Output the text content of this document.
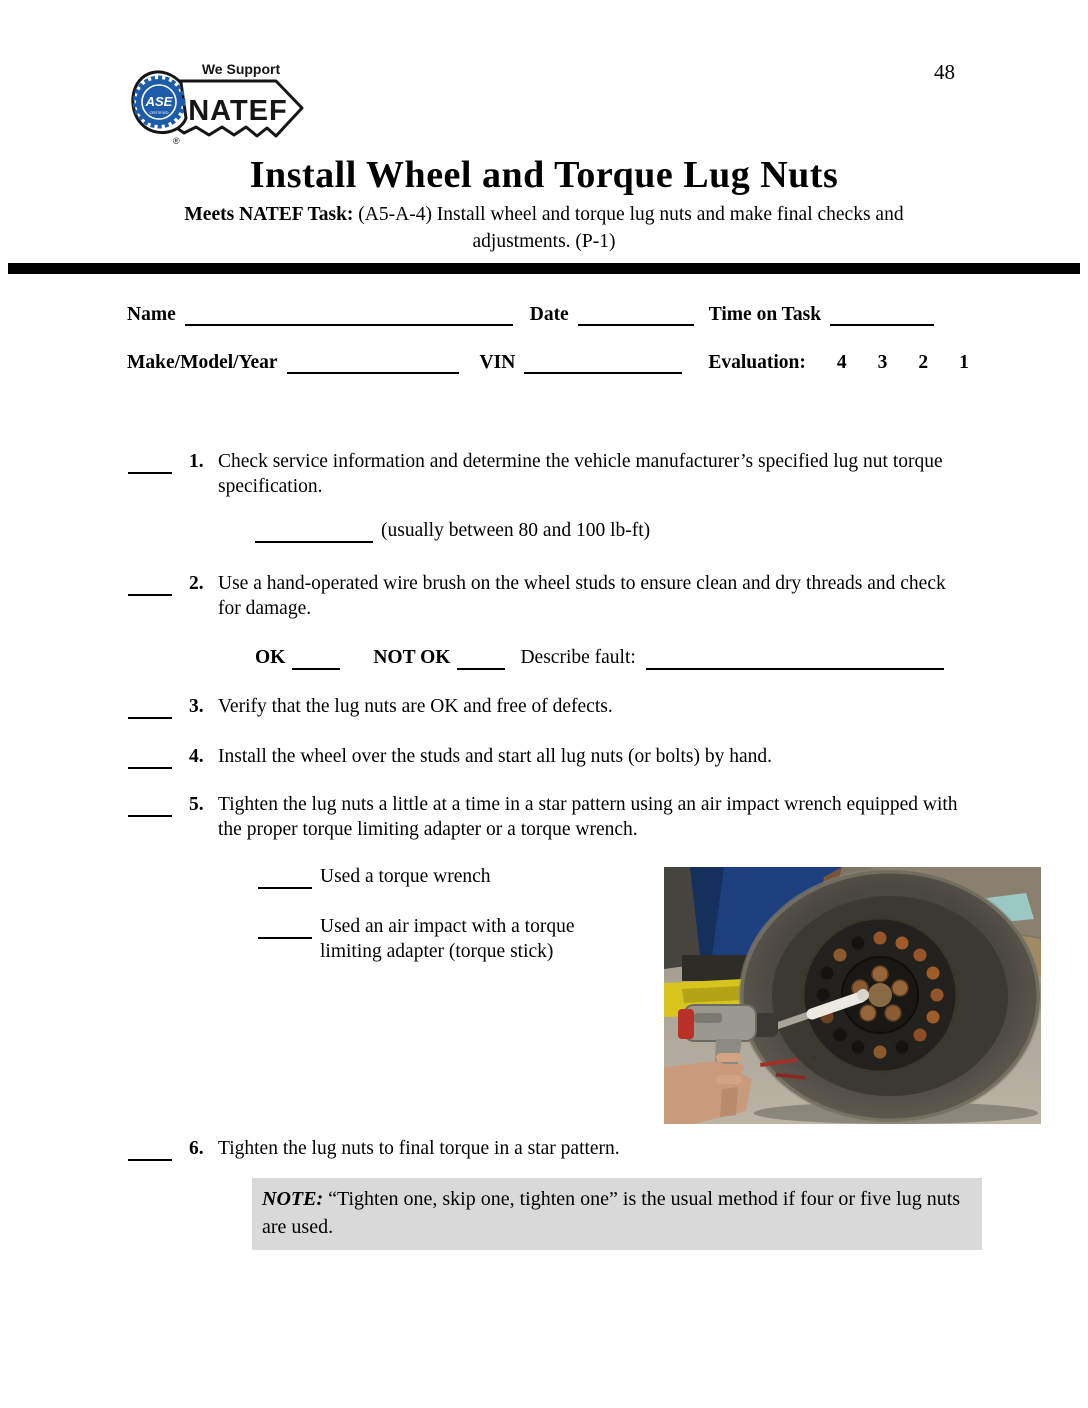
48
ASE
CERTIFIED
®
We Support
NATEF
Install Wheel and Torque Lug Nuts
Meets NATEF Task: (A5-A-4) Install wheel and torque lug nuts and make final checks and adjustments. (P-1)
Name	Date	Time on Task
Make/Model/Year	VIN	Evaluation: 4 3 2 1
1. Check service information and determine the vehicle manufacturer’s specified lug nut torque specification.
(usually between 80 and 100 lb-ft)
2. Use a hand-operated wire brush on the wheel studs to ensure clean and dry threads and check for damage.
OK	NOT OK	Describe fault:
3. Verify that the lug nuts are OK and free of defects.
4. Install the wheel over the studs and start all lug nuts (or bolts) by hand.
5. Tighten the lug nuts a little at a time in a star pattern using an air impact wrench equipped with the proper torque limiting adapter or a torque wrench.
Used a torque wrench
Used an air impact with a torque limiting adapter (torque stick)
6. Tighten the lug nuts to final torque in a star pattern.
NOTE: “Tighten one, skip one, tighten one” is the usual method if four or five lug nuts are used.
